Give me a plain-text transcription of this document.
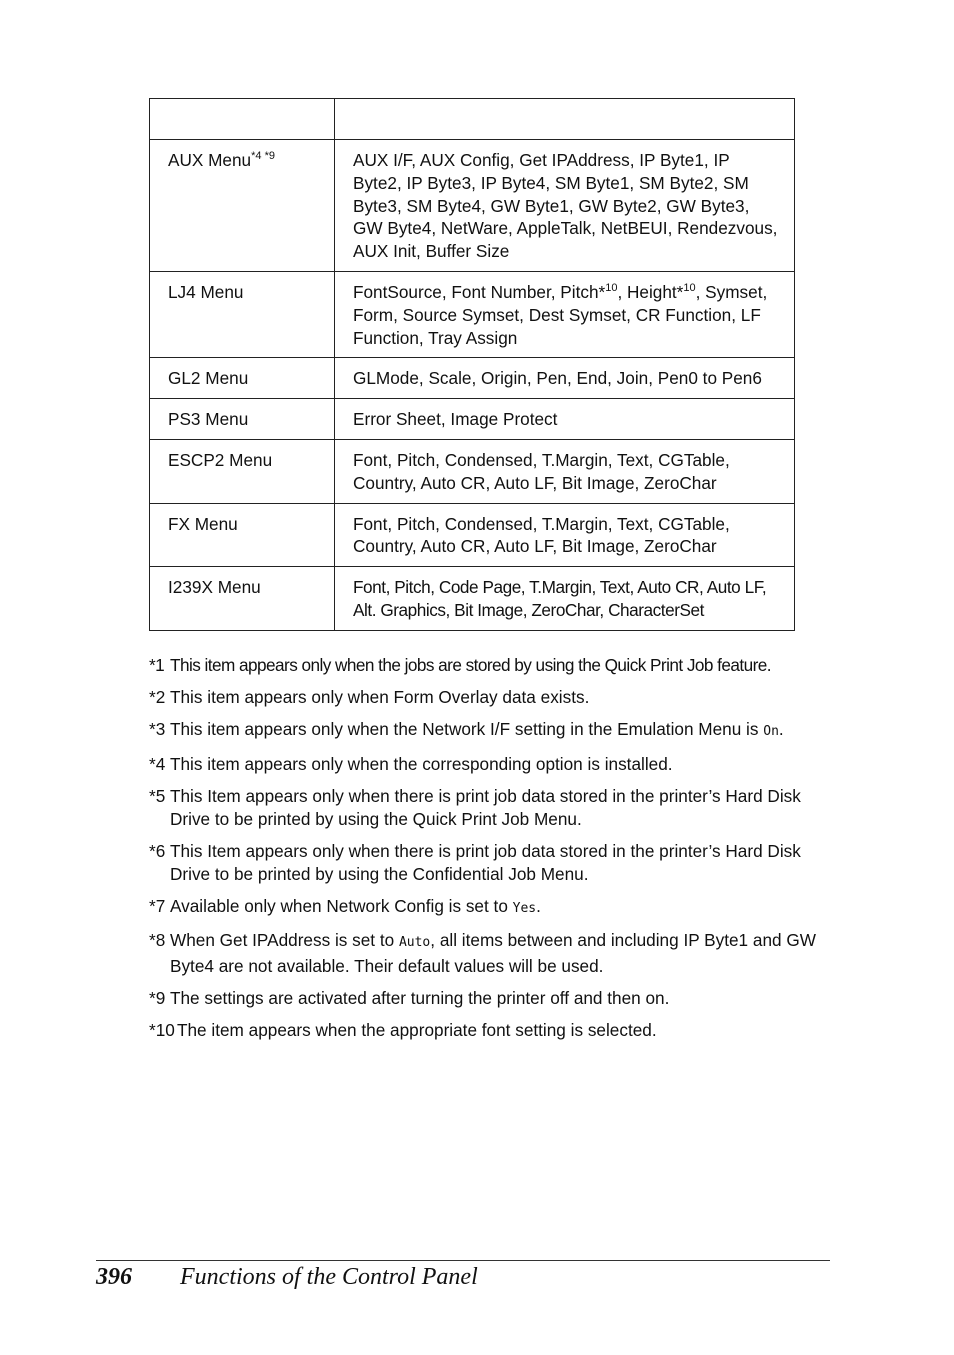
AUX Menu$^{*4 *9}$	AUX I/F, AUX Config, Get IPAddress, IP Byte1, IP Byte2, IP Byte3, IP Byte4, SM Byte1, SM Byte2, SM Byte3, SM Byte4, GW Byte1, GW Byte2, GW Byte3, GW Byte4, NetWare, AppleTalk, NetBEUI, Rendezvous, AUX Init, Buffer Size
LJ4 Menu	FontSource, Font Number, Pitch*$^{10}$, Height*$^{10}$, Symset, Form, Source Symset, Dest Symset, CR Function, LF Function, Tray Assign
GL2 Menu	GLMode, Scale, Origin, Pen, End, Join, Pen0 to Pen6
PS3 Menu	Error Sheet, Image Protect
ESCP2 Menu	Font, Pitch, Condensed, T.Margin, Text, CGTable, Country, Auto CR, Auto LF, Bit Image, ZeroChar
FX Menu	Font, Pitch, Condensed, T.Margin, Text, CGTable, Country, Auto CR, Auto LF, Bit Image, ZeroChar
I239X Menu	Font, Pitch, Code Page, T.Margin, Text, Auto CR, Auto LF, Alt. Graphics, Bit Image, ZeroChar, CharacterSet
*1 This item appears only when the jobs are stored by using the Quick Print Job feature.
*2 This item appears only when Form Overlay data exists.
*3 This item appears only when the Network I/F setting in the Emulation Menu is On.
*4 This item appears only when the corresponding option is installed.
*5 This Item appears only when there is print job data stored in the printer’s Hard Disk Drive to be printed by using the Quick Print Job Menu.
*6 This Item appears only when there is print job data stored in the printer’s Hard Disk Drive to be printed by using the Confidential Job Menu.
*7 Available only when Network Config is set to Yes.
*8 When Get IPAddress is set to Auto, all items between and including IP Byte1 and GW Byte4 are not available. Their default values will be used.
*9 The settings are activated after turning the printer off and then on.
*10 The item appears when the appropriate font setting is selected.
396 Functions of the Control Panel
